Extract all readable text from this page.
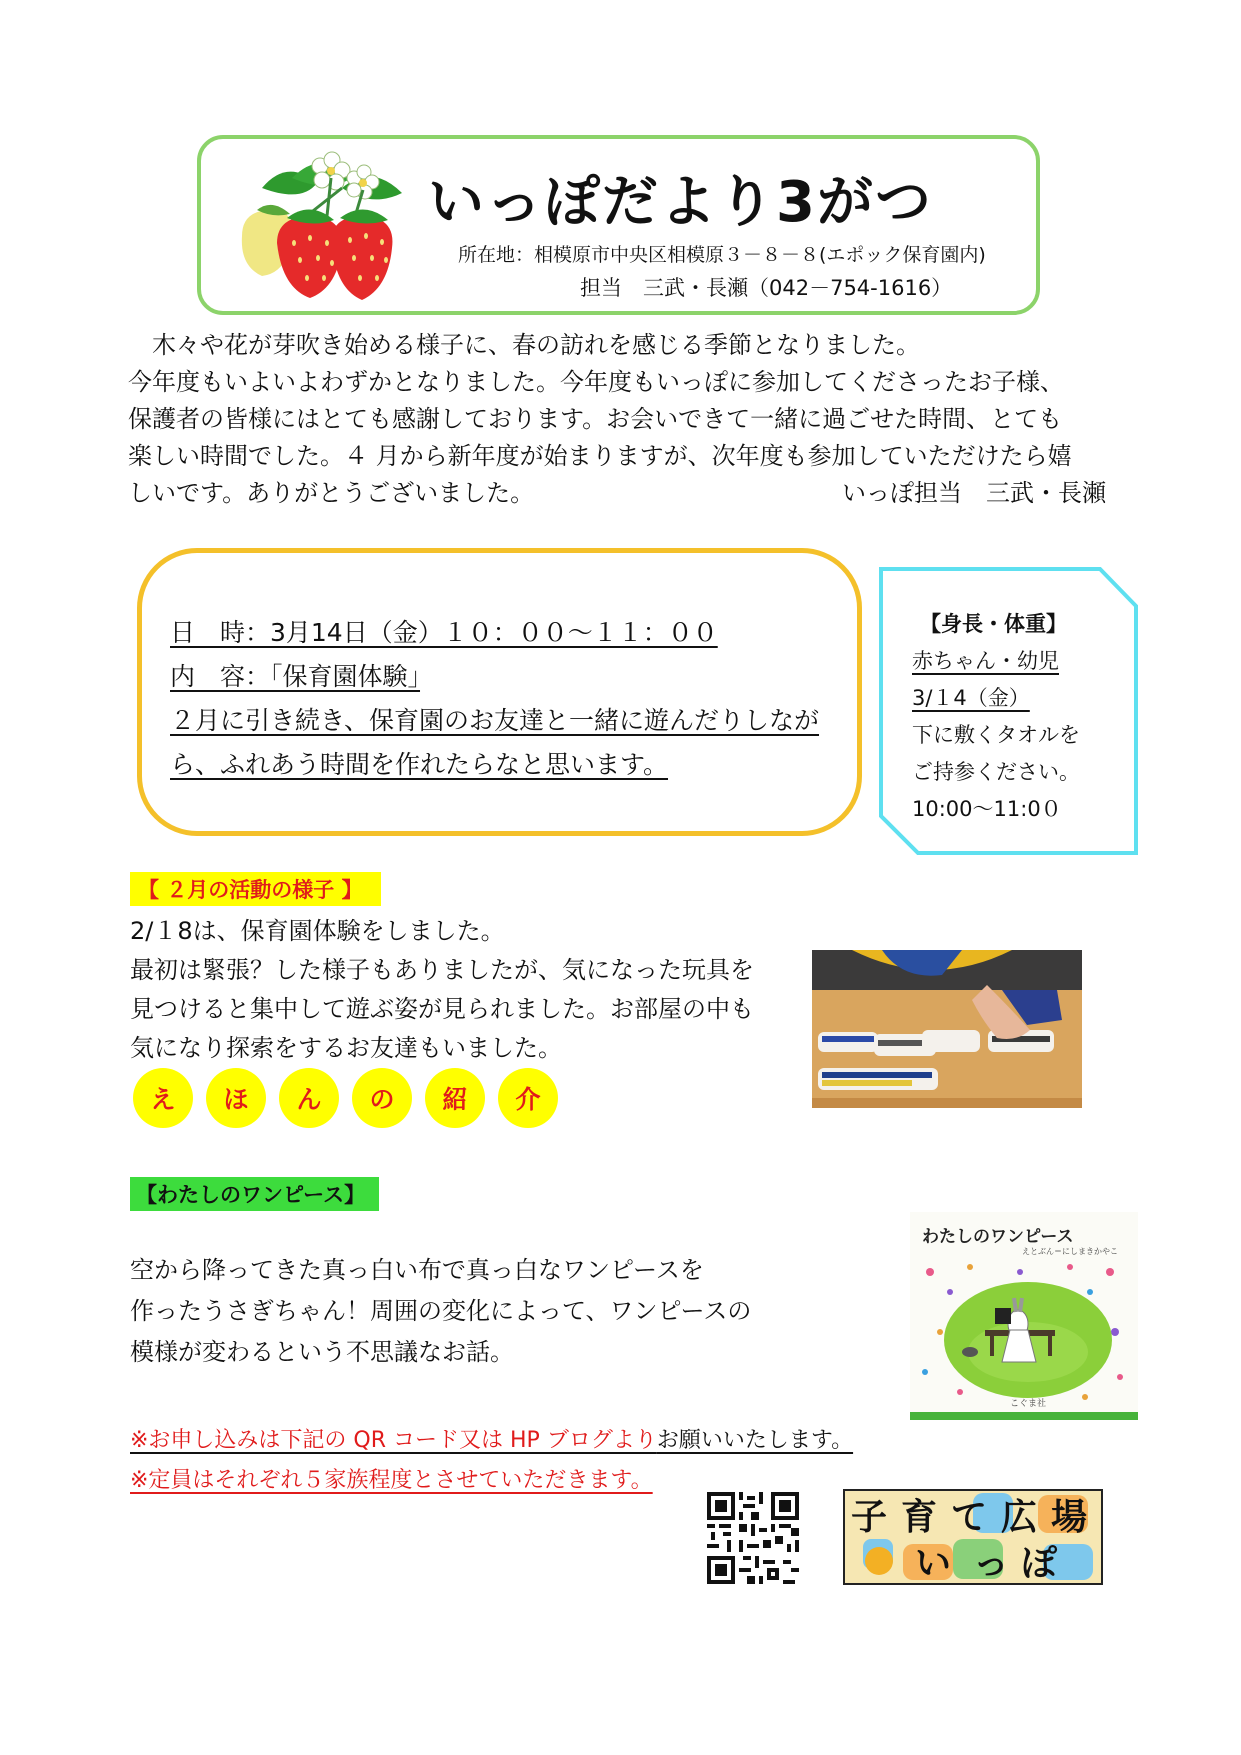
いっぽだより3がつ
所在地：相模原市中央区相模原３－８－８(エポック保育園内)
担当　三武・長瀬（042－754-1616）

木々や花が芽吹き始める様子に、春の訪れを感じる季節となりました。

今年度もいよいよわずかとなりました。今年度もいっぽに参加してくださったお子様、

保護者の皆様にはとても感謝しております。お会いできて一緒に過ごせた時間、とても

楽しい時間でした。４ 月から新年度が始まりますが、次年度も参加していただけたら嬉

しいです。ありがとうございました。	いっぽ担当　三武・長瀬
日　時：3月14日（金）１０：００～１１：００
内　容：｢保育園体験｣
２月に引き続き、保育園のお友達と一緒に遊んだりしなが
ら、ふれあう時間を作れたらなと思います。
【身長・体重】
赤ちゃん・幼児
3/１4（金）
下に敷くタオルを
ご持参ください。
10:00～11:0０
【 ２月の活動の様子 】
2/１8は、保育園体験をしました。
最初は緊張？した様子もありましたが、気になった玩具を
見つけると集中して遊ぶ姿が見られました。お部屋の中も
気になり探索をするお友達もいました。
え	ほ	ん	の	紹	介
【わたしのワンピース】
空から降ってきた真っ白い布で真っ白なワンピースを
作ったうさぎちゃん！周囲の変化によって、ワンピースの
模様が変わるという不思議なお話。
わたしのワンピース
えとぶん＝にしまきかやこ
こぐま社
※お申し込みは下記の QR コード又は HP ブログよりお願いいたします。
※定員はそれぞれ５家族程度とさせていただきます。
子 育 て 広 場
い っ ぽ
